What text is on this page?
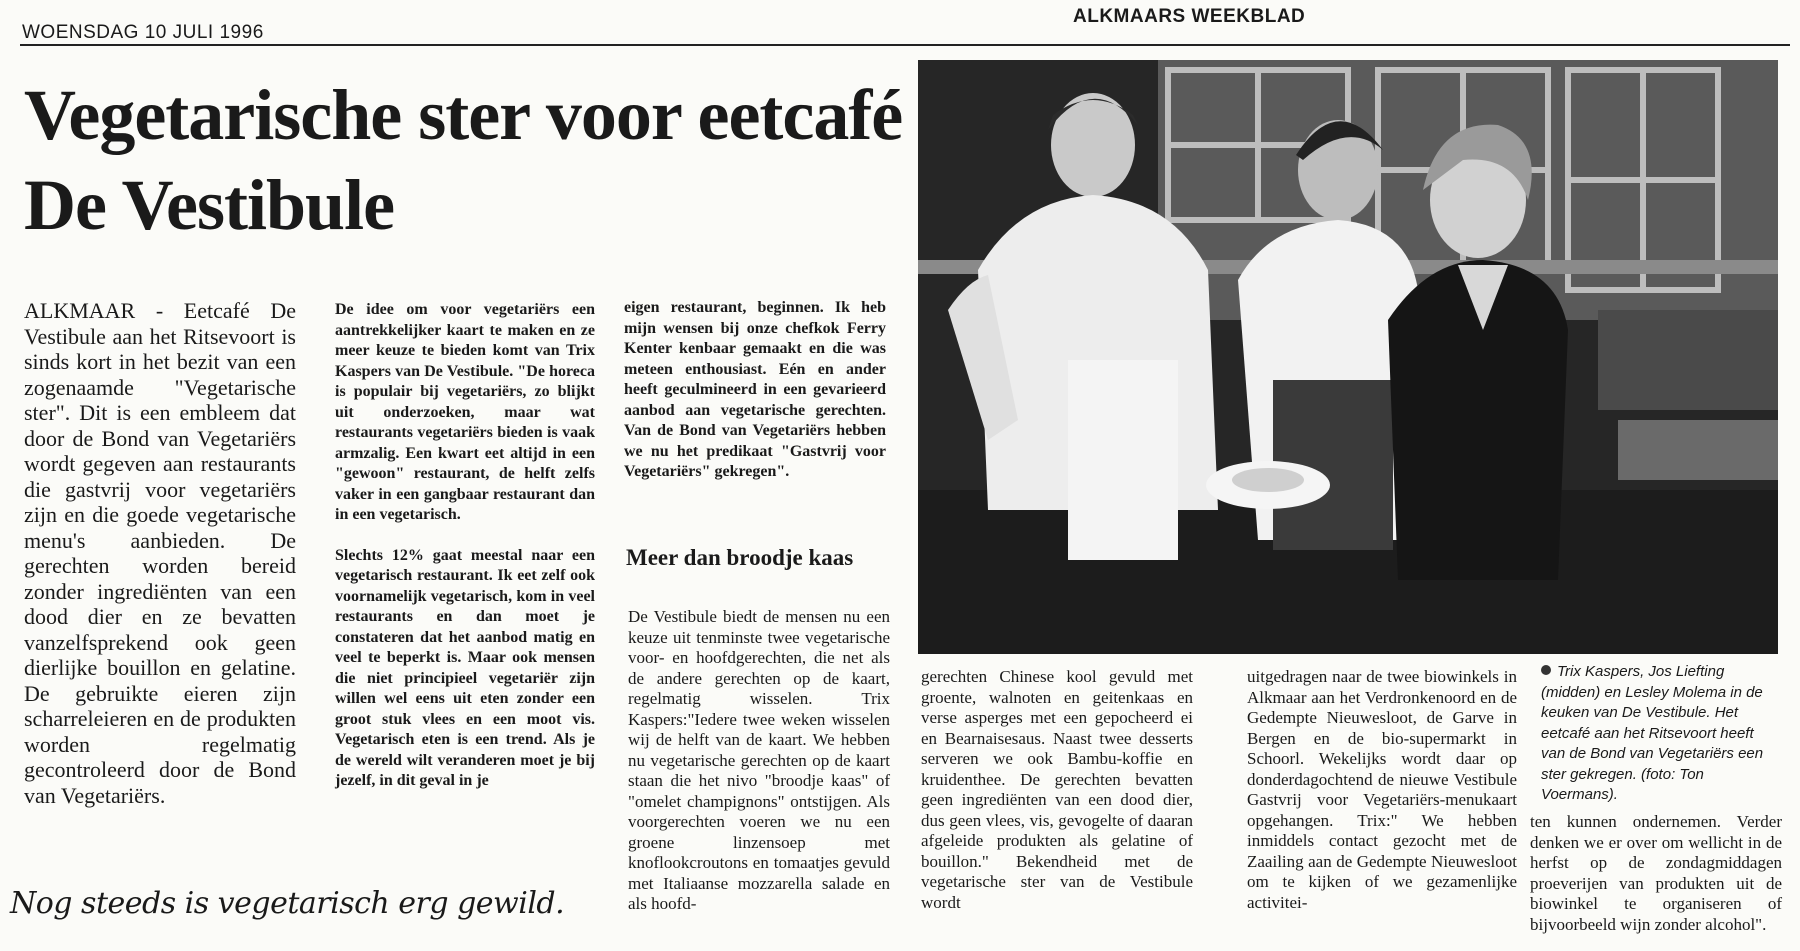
WOENSDAG 10 JULI 1996
ALKMAARS WEEKBLAD
Vegetarische ster voor eetcafé De Vestibule

ALKMAAR - Eetcafé De Vestibule aan het Ritsevoort is sinds kort in het bezit van een zogenaamde "Vegetarische ster". Dit is een embleem dat door de Bond van Vegetariërs wordt gegeven aan restaurants die gastvrij voor vegetariërs zijn en die goede vegetarische menu's aanbieden. De gerechten worden bereid zonder ingrediënten van een dood dier en ze bevatten vanzelfsprekend ook geen dierlijke bouillon en gelatine. De gebruikte eieren zijn scharreleieren en de produkten worden regelmatig gecontroleerd door de Bond van Vegetariërs.

De idee om voor vegetariërs een aantrekkelijker kaart te maken en ze meer keuze te bieden komt van Trix Kaspers van De Vestibule. "De horeca is populair bij vegetariërs, zo blijkt uit onderzoeken, maar wat restaurants vegetariërs bieden is vaak armzalig. Een kwart eet altijd in een "gewoon" restaurant, de helft zelfs vaker in een gangbaar restaurant dan in een vegetarisch.

Slechts 12% gaat meestal naar een vegetarisch restaurant. Ik eet zelf ook voornamelijk vegetarisch, kom in veel restaurants en dan moet je constateren dat het aanbod matig en veel te beperkt is. Maar ook mensen die niet principieel vegetariër zijn willen wel eens uit eten zonder een groot stuk vlees en een moot vis. Vegetarisch eten is een trend. Als je de wereld wilt veranderen moet je bij jezelf, in dit geval in je

eigen restaurant, beginnen. Ik heb mijn wensen bij onze chefkok Ferry Kenter kenbaar gemaakt en die was meteen enthousiast. Eén en ander heeft geculmineerd in een gevarieerd aanbod aan vegetarische gerechten. Van de Bond van Vegetariërs hebben we nu het predikaat "Gastvrij voor Vegetariërs" gekregen".

Meer dan broodje kaas

De Vestibule biedt de mensen nu een keuze uit tenminste twee vegetarische voor- en hoofdgerechten, die net als de andere gerechten op de kaart, regelmatig wisselen. Trix Kaspers:"Iedere twee weken wisselen wij de helft van de kaart. We hebben nu vegetarische gerechten op de kaart staan die het nivo "broodje kaas" of "omelet champignons" ontstijgen. Als voorgerechten voeren we nu een groene linzensoep met knoflookcroutons en tomaatjes gevuld met Italiaanse mozzarella salade en als hoofd-

Trix Kaspers, Jos Liefting (midden) en Lesley Molema in de keuken van De Vestibule. Het eetcafé aan het Ritsevoort heeft van de Bond van Vegetariërs een ster gekregen. (foto: Ton Voermans).

gerechten Chinese kool gevuld met groente, walnoten en geitenkaas en verse asperges met een gepocheerd ei en Bearnaisesaus. Naast twee desserts serveren we ook Bambu-koffie en kruidenthee. De gerechten bevatten geen ingrediënten van een dood dier, dus geen vlees, vis, gevogelte of daaran afgeleide produkten als gelatine of bouillon." Bekendheid met de vegetarische ster van de Vestibule wordt

uitgedragen naar de twee biowinkels in Alkmaar aan het Verdronkenoord en de Gedempte Nieuwesloot, de Garve in Bergen en de bio-supermarkt in Schoorl. Wekelijks wordt daar op donderdagochtend de nieuwe Vestibule Gastvrij voor Vegetariërs-menukaart opgehangen. Trix:" We hebben inmiddels contact gezocht met de Zaailing aan de Gedempte Nieuwesloot om te kijken of we gezamenlijke activitei-

ten kunnen ondernemen. Verder denken we er over om wellicht in de herfst op de zondagmiddagen proeverijen van produkten uit de biowinkel te organiseren of bijvoorbeeld wijn zonder alcohol".

Nog steeds is vegetarisch erg gewild.
